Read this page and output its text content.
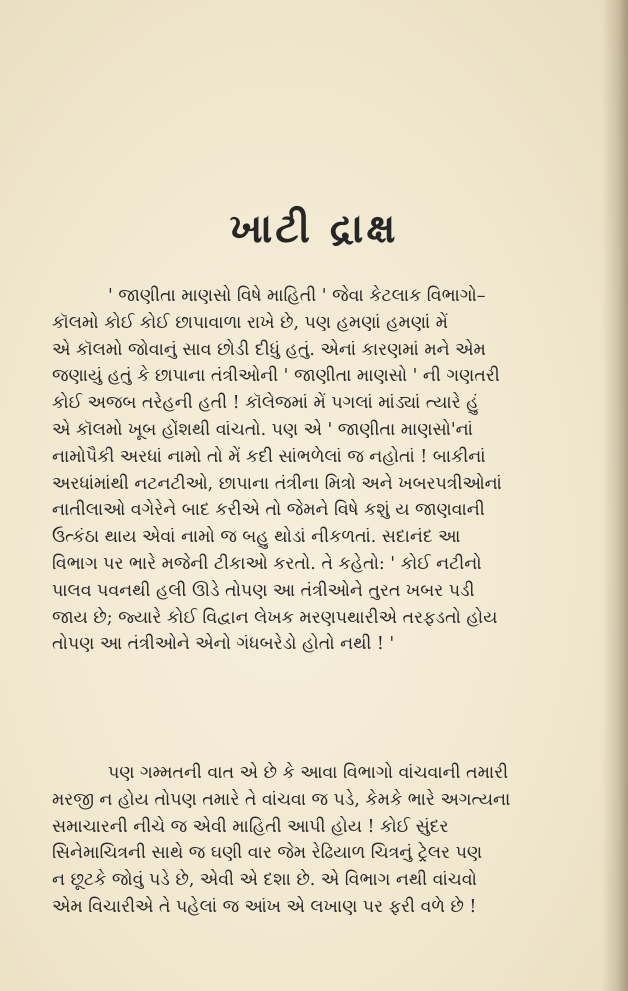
ખાટી દ્રાક્ષ
' જાણીતા માણસો વિષે માહિતી ' જેવા કેટલાક વિભાગો–
કૉલમો કોઈ કોઈ છાપાવાળા રાખે છે, પણ હમણાં હમણાં મેં
એ કૉલમો જોવાનું સાવ છોડી દીધું હતું. એનાં કારણમાં મને એમ
જણાયું હતું કે છાપાના તંત્રીઓની ' જાણીતા માણસો ' ની ગણતરી
કોઈ અજબ તરેહની હતી ! કૉલેજમાં મેં પગલાં માંડ્યાં ત્યારે હું
એ કૉલમો ખૂબ હોંશથી વાંચતો. પણ એ ' જાણીતા માણસો'નાં
નામોપૈકી અરધાં નામો તો મેં કદી સાંભળેલાં જ નહોતાં ! બાકીનાં
અરધાંમાંથી નટનટીઓ, છાપાના તંત્રીના મિત્રો અને ખબરપત્રીઓનાં
નાતીલાઓ વગેરેને બાદ કરીએ તો જેમને વિષે કશું ય જાણવાની
ઉત્કંઠા થાય એવાં નામો જ બહુ થોડાં નીકળતાં. સદાનંદ આ
વિભાગ પર ભારે મજેની ટીકાઓ કરતો. તે કહેતો: ' કોઈ નટીનો
પાલવ પવનથી હલી ઊડે તોપણ આ તંત્રીઓને તુરત ખબર પડી
જાય છે; જ્યારે કોઈ વિદ્વાન લેખક મરણપથારીએ તરફડતો હોય
તોપણ આ તંત્રીઓને એનો ગંધબરેડો હોતો નથી ! '
પણ ગમ્મતની વાત એ છે કે આવા વિભાગો વાંચવાની તમારી
મરજી ન હોય તોપણ તમારે તે વાંચવા જ પડે, કેમકે ભારે અગત્યના
સમાચારની નીચે જ એવી માહિતી આપી હોય ! કોઈ સુંદર
સિનેમાચિત્રની સાથે જ ઘણી વાર જેમ રેઢિયાળ ચિત્રનું ટ્રેલર પણ
ન છૂટકે જોવું પડે છે, એવી એ દશા છે. એ વિભાગ નથી વાંચવો
એમ વિચારીએ તે પહેલાં જ આંખ એ લખાણ પર ફરી વળે છે !
